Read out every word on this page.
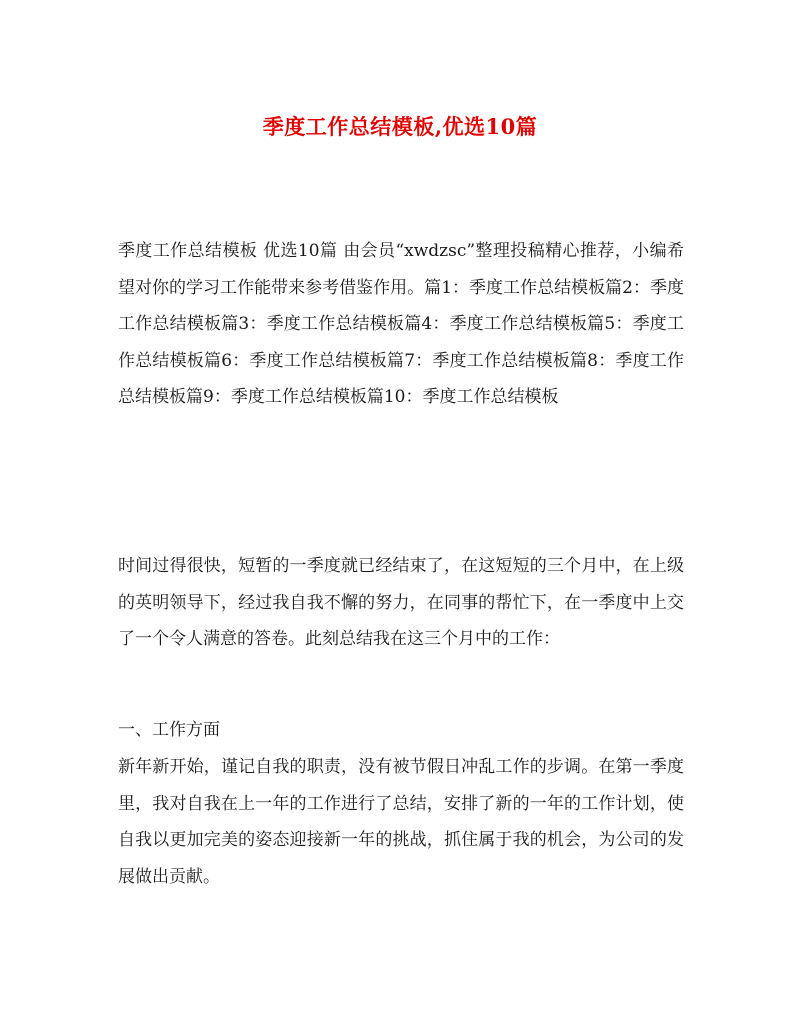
季度工作总结模板,优选10篇

季度工作总结模板 优选10篇 由会员“xwdzsc”整理投稿精心推荐，小编希望对你的学习工作能带来参考借鉴作用。篇1：季度工作总结模板篇2：季度工作总结模板篇3：季度工作总结模板篇4：季度工作总结模板篇5：季度工作总结模板篇6：季度工作总结模板篇7：季度工作总结模板篇8：季度工作总结模板篇9：季度工作总结模板篇10：季度工作总结模板

时间过得很快，短暂的一季度就已经结束了，在这短短的三个月中，在上级的英明领导下，经过我自我不懈的努力，在同事的帮忙下，在一季度中上交了一个令人满意的答卷。此刻总结我在这三个月中的工作：

一、工作方面

新年新开始，谨记自我的职责，没有被节假日冲乱工作的步调。在第一季度里，我对自我在上一年的工作进行了总结，安排了新的一年的工作计划，使自我以更加完美的姿态迎接新一年的挑战，抓住属于我的机会，为公司的发展做出贡献。
